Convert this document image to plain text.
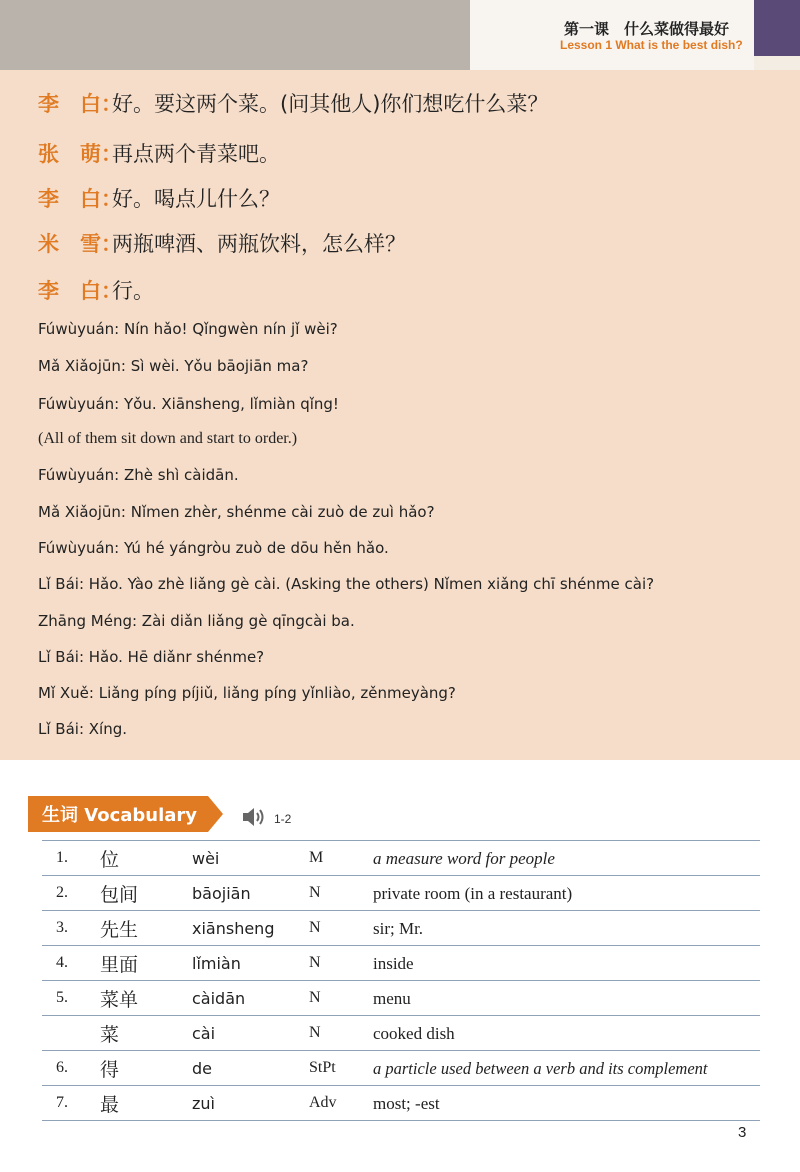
第一课　什么菜做得最好
Lesson 1 What is the best dish?
李　白：好。要这两个菜。(问其他人)你们想吃什么菜？
张　萌：再点两个青菜吧。
李　白：好。喝点儿什么？
米　雪：两瓶啤酒、两瓶饮料，怎么样？
李　白：行。
Fúwùyuán: Nín hǎo! Qǐngwèn nín jǐ wèi?
Mǎ Xiǎojūn: Sì wèi. Yǒu bāojiān ma?
Fúwùyuán: Yǒu. Xiānsheng, lǐmiàn qǐng!
(All of them sit down and start to order.)
Fúwùyuán: Zhè shì càidān.
Mǎ Xiǎojūn: Nǐmen zhèr, shénme cài zuò de zuì hǎo?
Fúwùyuán: Yú hé yángròu zuò de dōu hěn hǎo.
Lǐ Bái: Hǎo. Yào zhè liǎng gè cài. (Asking the others) Nǐmen xiǎng chī shénme cài?
Zhāng Méng: Zài diǎn liǎng gè qīngcài ba.
Lǐ Bái: Hǎo. Hē diǎnr shénme?
Mǐ Xuě: Liǎng píng píjiǔ, liǎng píng yǐnliào, zěnmeyàng?
Lǐ Bái: Xíng.
生词 Vocabulary	1-2
1. 位	wèi	M	a measure word for people
2. 包间	bāojiān	N	private room (in a restaurant)
3. 先生	xiānsheng N	sir; Mr.
4. 里面	lǐmiàn	N	inside
5. 菜单	càidān	N	menu
菜	cài	N	cooked dish
6. 得	de	StPt a particle used between a verb and its complement
7. 最	zuì	Adv most; -est
3
